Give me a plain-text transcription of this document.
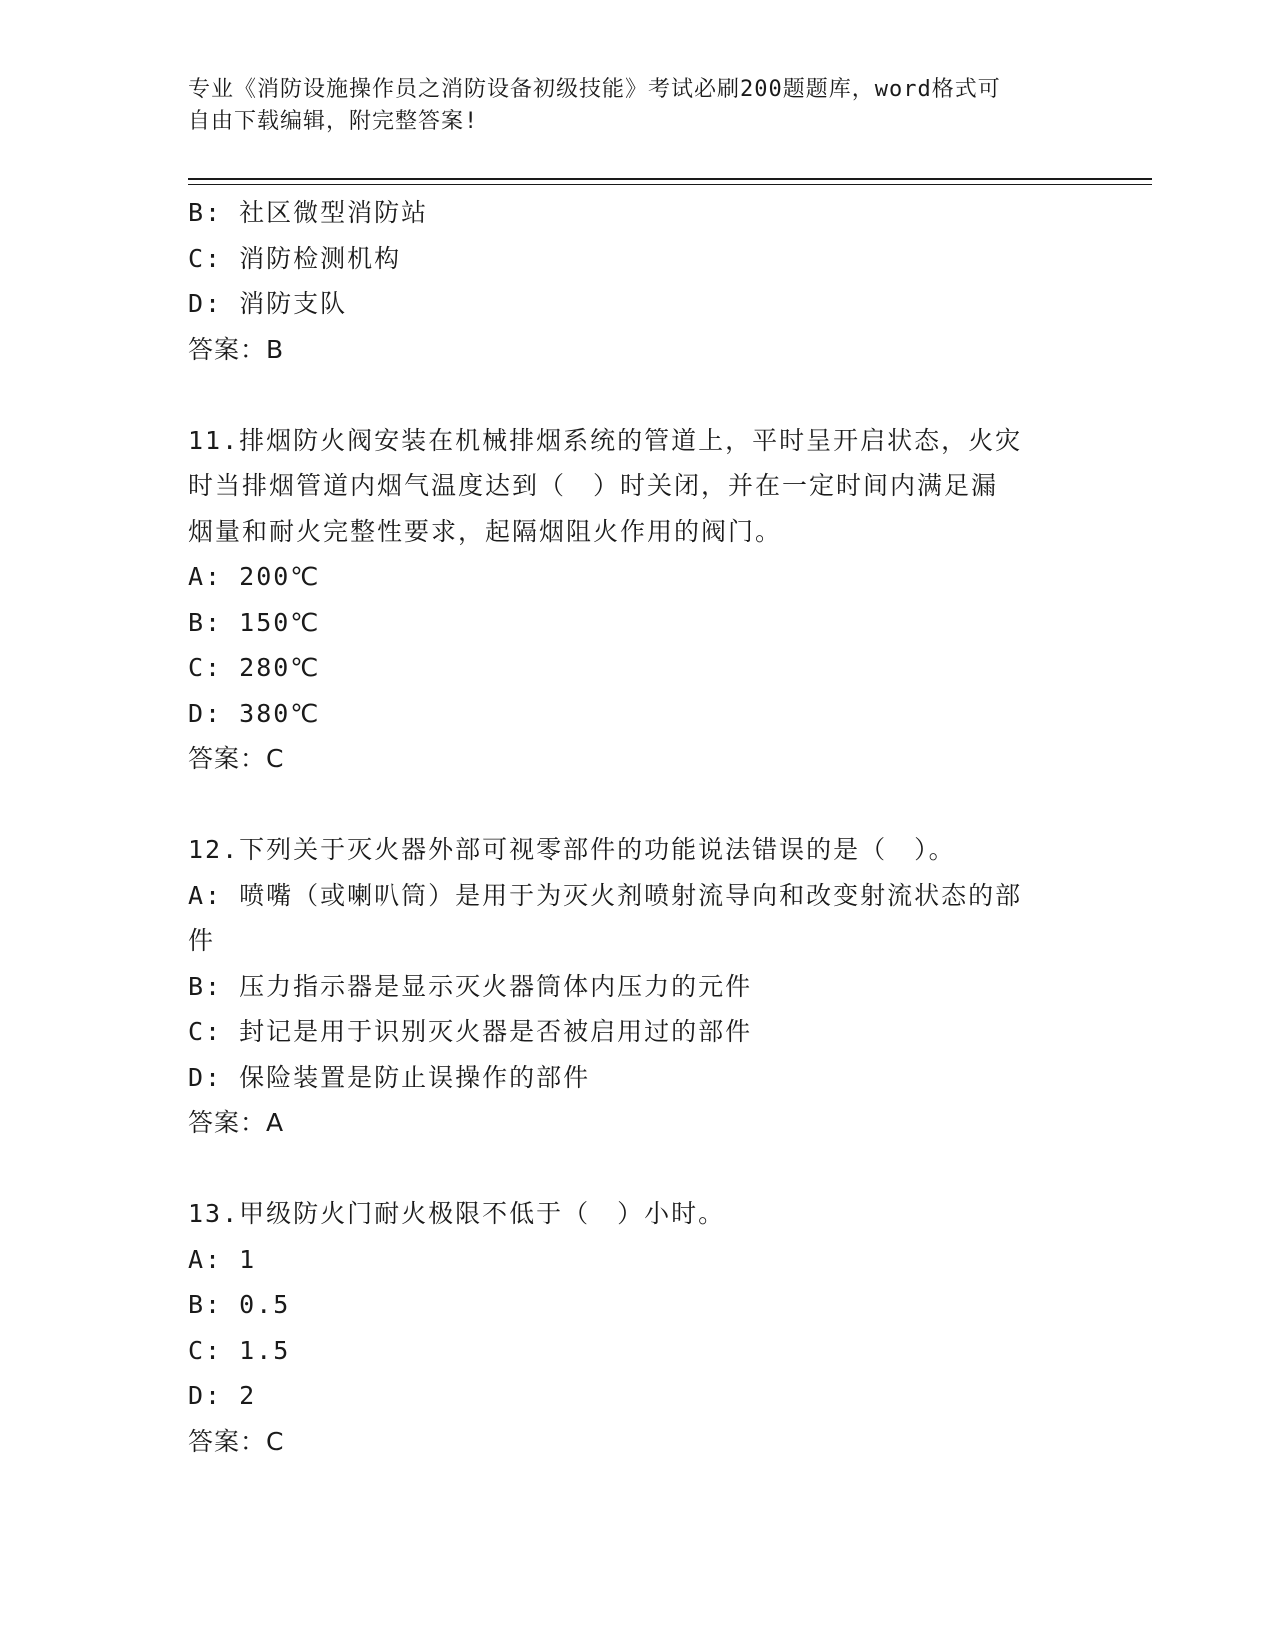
专业《消防设施操作员之消防设备初级技能》考试必刷200题题库，word格式可
自由下载编辑，附完整答案!
B: 社区微型消防站
C: 消防检测机构
D: 消防支队
答案：B
11.排烟防火阀安装在机械排烟系统的管道上，平时呈开启状态，火灾
时当排烟管道内烟气温度达到（　）时关闭，并在一定时间内满足漏
烟量和耐火完整性要求，起隔烟阻火作用的阀门。
A: 200℃
B: 150℃
C: 280℃
D: 380℃
答案：C
12.下列关于灭火器外部可视零部件的功能说法错误的是（　）。
A: 喷嘴（或喇叭筒）是用于为灭火剂喷射流导向和改变射流状态的部
件
B: 压力指示器是显示灭火器筒体内压力的元件
C: 封记是用于识别灭火器是否被启用过的部件
D: 保险装置是防止误操作的部件
答案：A
13.甲级防火门耐火极限不低于（　）小时。
A: 1
B: 0.5
C: 1.5
D: 2
答案：C
